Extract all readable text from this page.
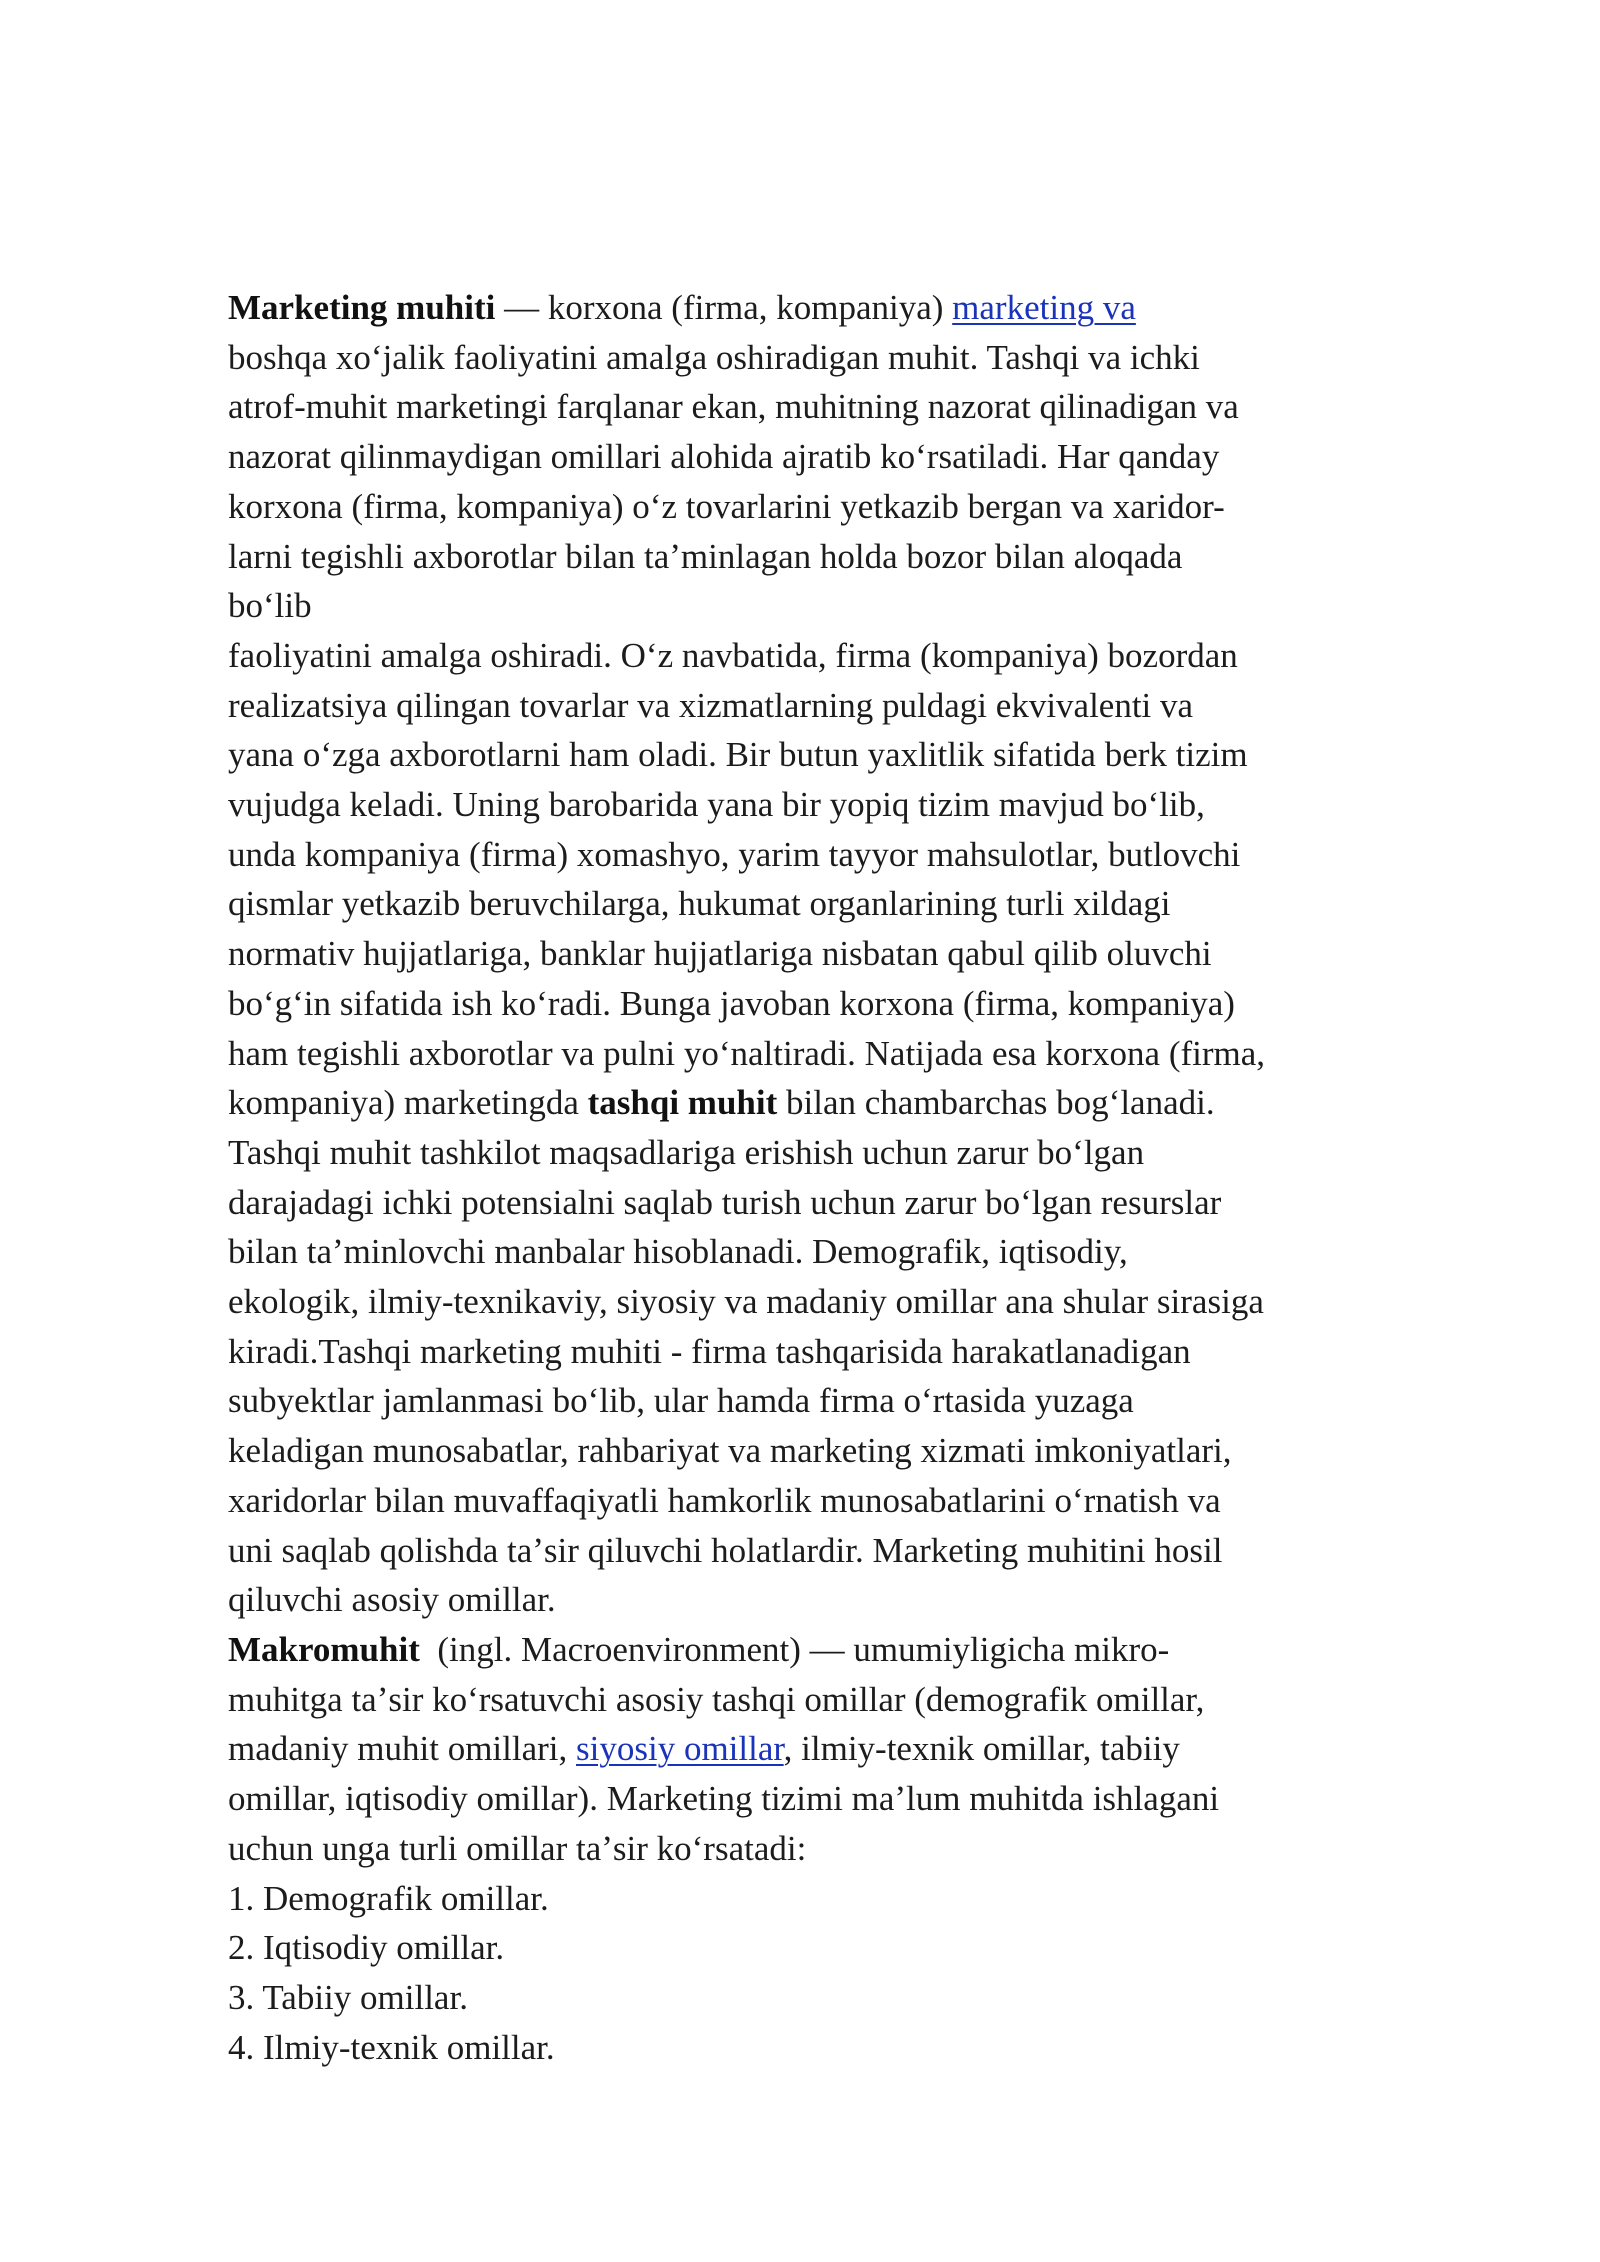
Marketing muhiti — korxona (firma, kompaniya) marketing va
boshqa xoʻjalik faoliyatini amalga oshiradigan muhit. Tashqi va ichki
atrof-muhit marketingi farqlanar ekan, muhitning nazorat qilinadigan va
nazorat qilinmaydigan omillari alohida ajratib koʻrsatiladi. Har qanday
korxona (firma, kompaniya) oʻz tovarlarini yetkazib bergan va xaridor-
larni tegishli axborotlar bilan taʼminlagan holda bozor bilan aloqada
boʻlib
faoliyatini amalga oshiradi. Oʻz navbatida, firma (kompaniya) bozordan
realizatsiya qilingan tovarlar va xizmatlarning puldagi ekvivalenti va
yana oʻzga axborotlarni ham oladi. Bir butun yaxlitlik sifatida berk tizim
vujudga keladi. Uning barobarida yana bir yopiq tizim mavjud boʻlib,
unda kompaniya (firma) xomashyo, yarim tayyor mahsulotlar, butlovchi
qismlar yetkazib beruvchilarga, hukumat organlarining turli xildagi
normativ hujjatlariga, banklar hujjatlariga nisbatan qabul qilib oluvchi
boʻgʻin sifatida ish koʻradi. Bunga javoban korxona (firma, kompaniya)
ham tegishli axborotlar va pulni yoʻnaltiradi. Natijada esa korxona (firma,
kompaniya) marketingda tashqi muhit bilan chambarchas bogʻlanadi.
Tashqi muhit tashkilot maqsadlariga erishish uchun zarur boʻlgan
darajadagi ichki potensialni saqlab turish uchun zarur boʻlgan resurslar
bilan taʼminlovchi manbalar hisoblanadi. Demografik, iqtisodiy,
ekologik, ilmiy-texnikaviy, siyosiy va madaniy omillar ana shular sirasiga
kiradi.Tashqi marketing muhiti - firma tashqarisida harakatlanadigan
subyektlar jamlanmasi boʻlib, ular hamda firma oʻrtasida yuzaga
keladigan munosabatlar, rahbariyat va marketing xizmati imkoniyatlari,
xaridorlar bilan muvaffaqiyatli hamkorlik munosabatlarini oʻrnatish va
uni saqlab qolishda taʼsir qiluvchi holatlardir. Marketing muhitini hosil
qiluvchi asosiy omillar.
Makromuhit  (ingl. Macroenvironment) — umumiyligicha mikro-
muhitga taʼsir koʻrsatuvchi asosiy tashqi omillar (demografik omillar,
madaniy muhit omillari, siyosiy omillar, ilmiy-texnik omillar, tabiiy
omillar, iqtisodiy omillar). Marketing tizimi maʼlum muhitda ishlagani
uchun unga turli omillar taʼsir koʻrsatadi:
1. Demografik omillar.
2. Iqtisodiy omillar.
3. Tabiiy omillar.
4. Ilmiy-texnik omillar.
